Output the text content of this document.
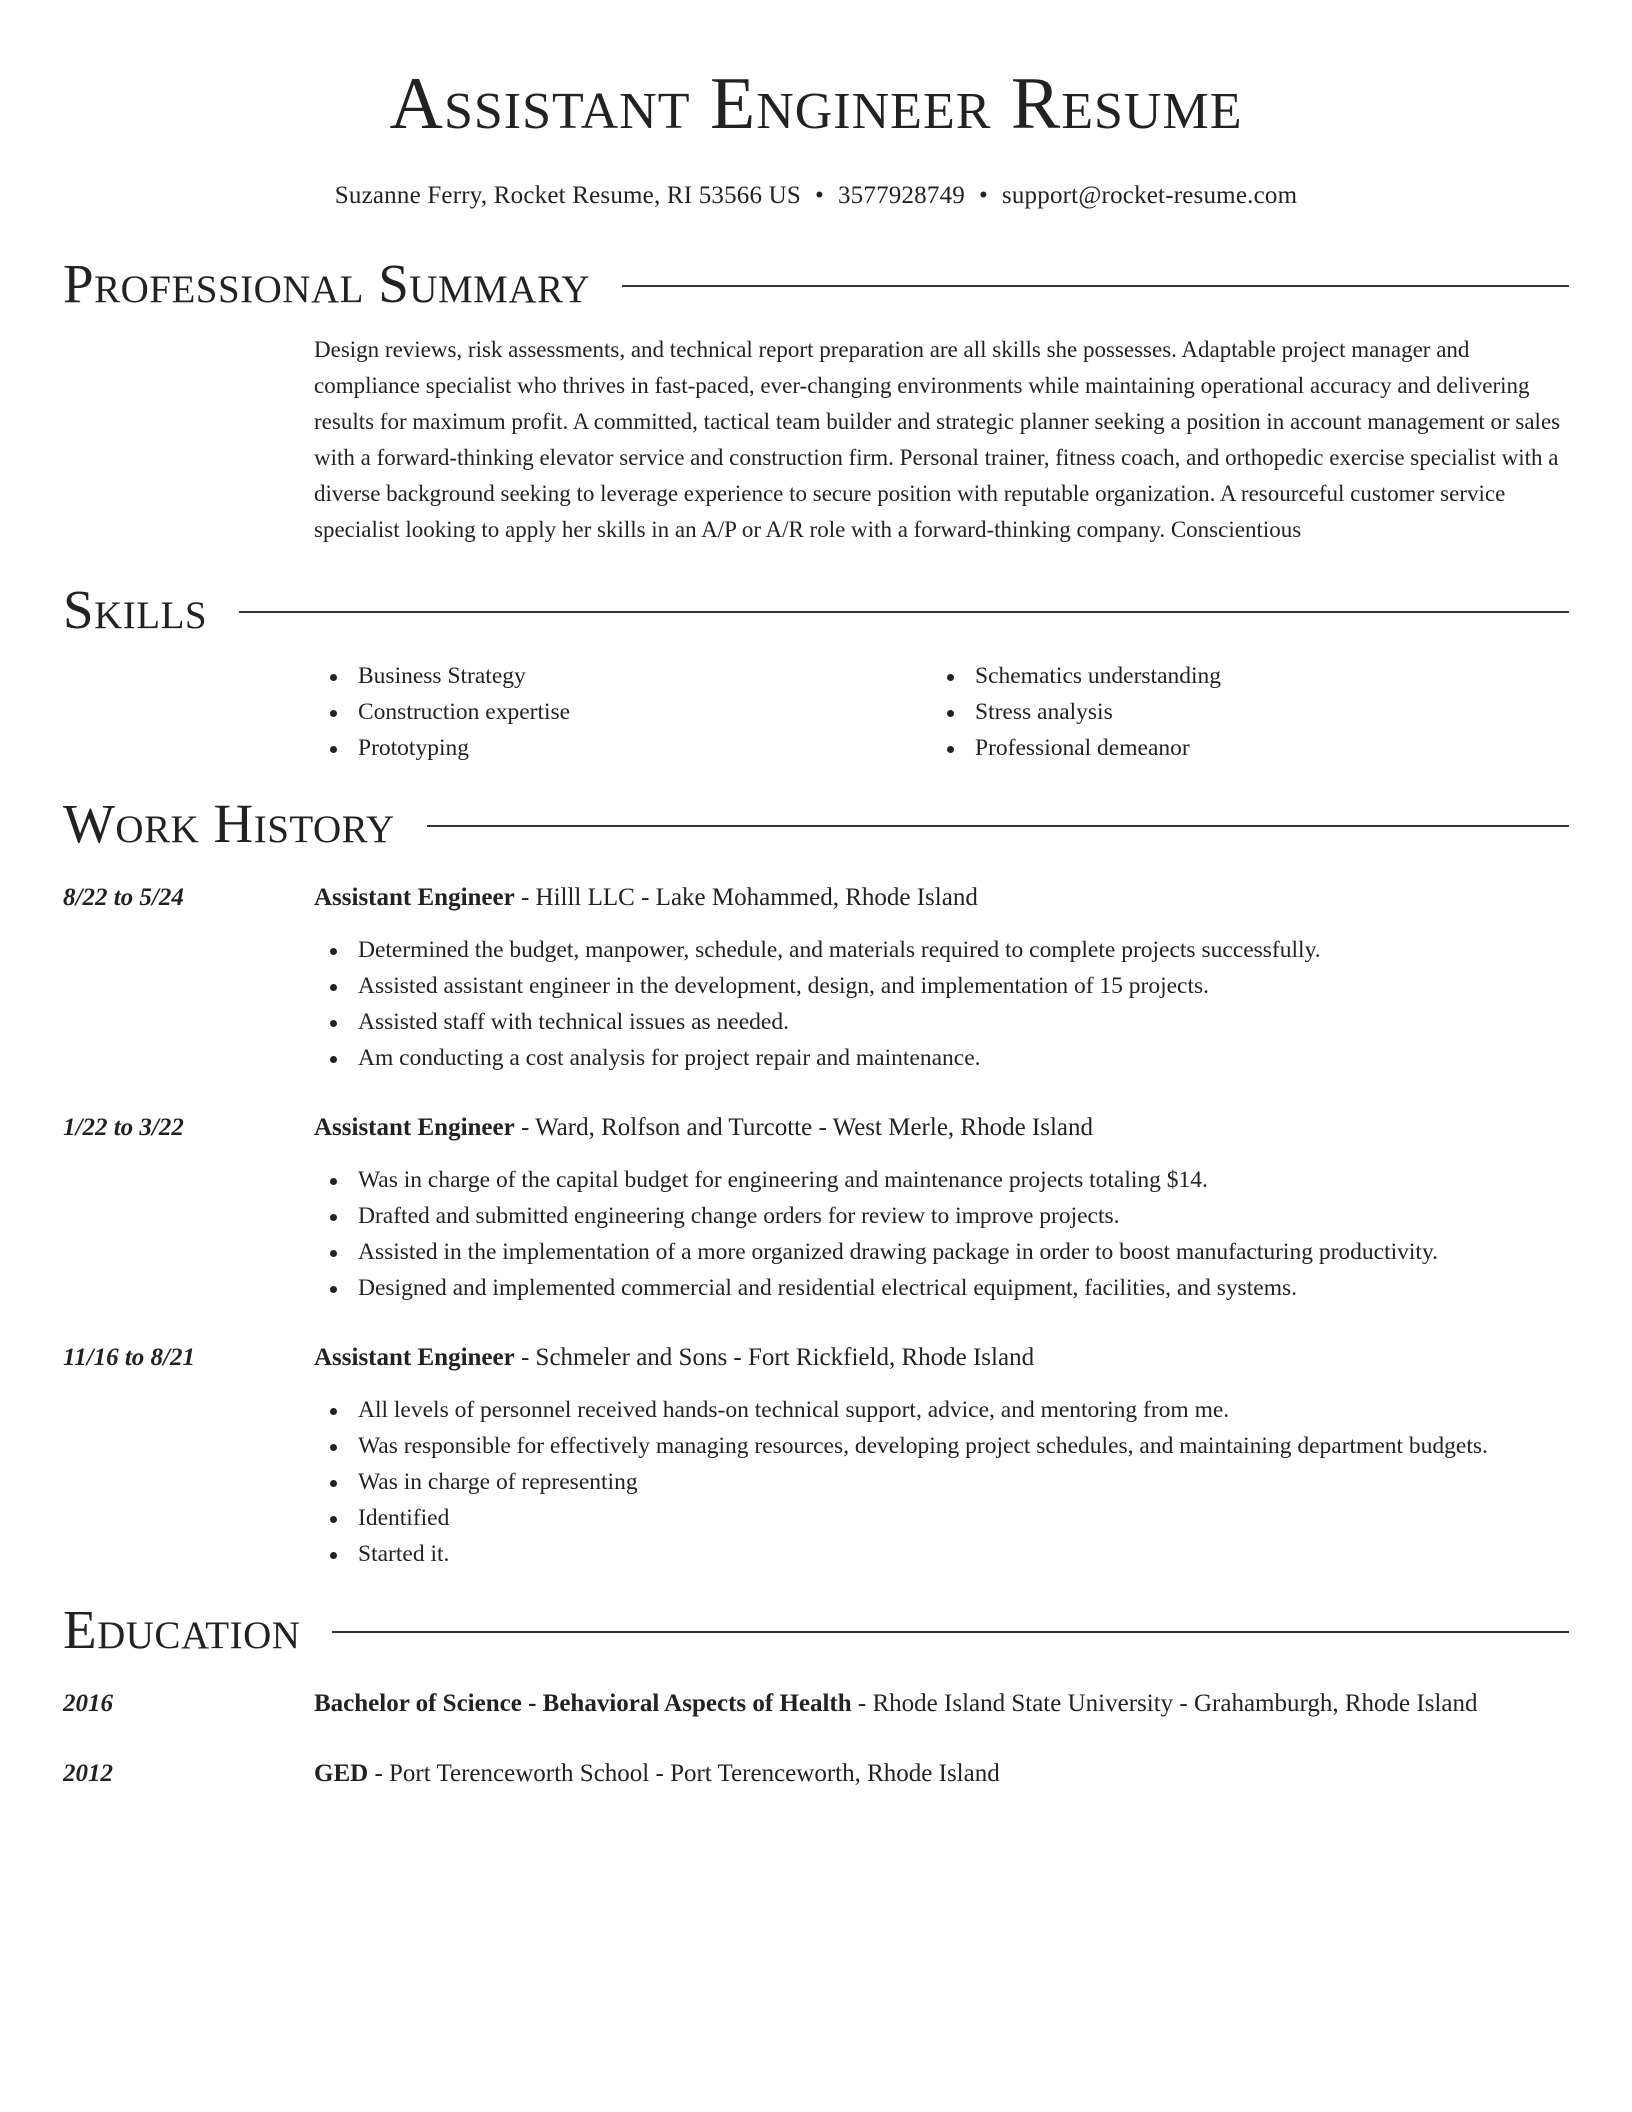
Assistant Engineer Resume
Suzanne Ferry, Rocket Resume, RI 53566 US • 3577928749 • support@rocket-resume.com
Professional Summary
Design reviews, risk assessments, and technical report preparation are all skills she possesses. Adaptable project manager and compliance specialist who thrives in fast-paced, ever-changing environments while maintaining operational accuracy and delivering results for maximum profit. A committed, tactical team builder and strategic planner seeking a position in account management or sales with a forward-thinking elevator service and construction firm. Personal trainer, fitness coach, and orthopedic exercise specialist with a diverse background seeking to leverage experience to secure position with reputable organization. A resourceful customer service specialist looking to apply her skills in an A/P or A/R role with a forward-thinking company. Conscientious
Skills
Business Strategy
Construction expertise
Prototyping
Schematics understanding
Stress analysis
Professional demeanor
Work History
8/22 to 5/24	Assistant Engineer - Hilll LLC - Lake Mohammed, Rhode Island
Determined the budget, manpower, schedule, and materials required to complete projects successfully.
Assisted assistant engineer in the development, design, and implementation of 15 projects.
Assisted staff with technical issues as needed.
Am conducting a cost analysis for project repair and maintenance.
1/22 to 3/22	Assistant Engineer - Ward, Rolfson and Turcotte - West Merle, Rhode Island
Was in charge of the capital budget for engineering and maintenance projects totaling $14.
Drafted and submitted engineering change orders for review to improve projects.
Assisted in the implementation of a more organized drawing package in order to boost manufacturing productivity.
Designed and implemented commercial and residential electrical equipment, facilities, and systems.
11/16 to 8/21	Assistant Engineer - Schmeler and Sons - Fort Rickfield, Rhode Island
All levels of personnel received hands-on technical support, advice, and mentoring from me.
Was responsible for effectively managing resources, developing project schedules, and maintaining department budgets.
Was in charge of representing
Identified
Started it.
Education
2016	Bachelor of Science - Behavioral Aspects of Health - Rhode Island State University - Grahamburgh, Rhode Island
2012	GED - Port Terenceworth School - Port Terenceworth, Rhode Island
